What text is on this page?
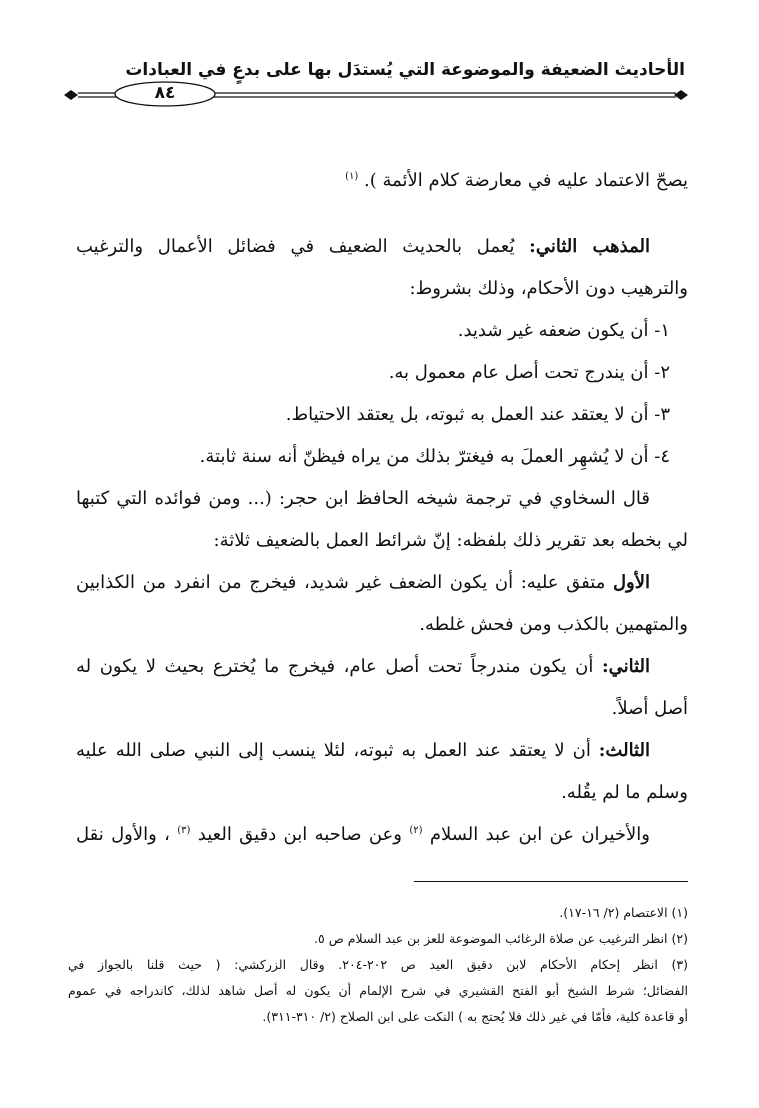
الأحاديث الضعيفة والموضوعة التي يُستدَل بها على بدعٍ في العبادات
٨٤
يصحّ الاعتماد عليه في معارضة كلام الأئمة ). $^{(١)}$
المذهب الثاني: يُعمل بالحديث الضعيف في فضائل الأعمال والترغيب
والترهيب دون الأحكام، وذلك بشروط:
١- أن يكون ضعفه غير شديد.
٢- أن يندرج تحت أصل عام معمول به.
٣- أن لا يعتقد عند العمل به ثبوته، بل يعتقد الاحتياط.
٤- أن لا يُشهِر العملَ به فيغترّ بذلك من يراه فيظنّ أنه سنة ثابتة.
قال السخاوي في ترجمة شيخه الحافظ ابن حجر: (... ومن فوائده التي كتبها
لي بخطه بعد تقرير ذلك بلفظه: إنّ شرائط العمل بالضعيف ثلاثة:
الأول متفق عليه: أن يكون الضعف غير شديد، فيخرج من انفرد من الكذابين
والمتهمين بالكذب ومن فحش غلطه.
الثاني: أن يكون مندرجاً تحت أصل عام، فيخرج ما يُخترع بحيث لا يكون له
أصل أصلاً.
الثالث: أن لا يعتقد عند العمل به ثبوته، لئلا ينسب إلى النبي صلى الله عليه
وسلم ما لم يقُله.
والأخيران عن ابن عبد السلام $^{(٢)}$ وعن صاحبه ابن دقيق العيد $^{(٣)}$ ، والأول نقل
(١) الاعتصام (٢/ ١٦-١٧).
(٢) انظر الترغيب عن صلاة الرغائب الموضوعة للعز بن عبد السلام ص ٥.
(٣) انظر إحكام الأحكام لابن دقيق العيد ص ٢٠٢-٢٠٤. وقال الزركشي: ( حيث قلنا بالجواز في
الفضائل؛ شرط الشيخ أبو الفتح القشيري في شرح الإلمام أن يكون له أصل شاهد لذلك، كاندراجه في عموم
أو قاعدة كلية، فأمّا في غير ذلك فلا يُحتج به ) النكت على ابن الصلاح (٢/ ٣١٠-٣١١).
